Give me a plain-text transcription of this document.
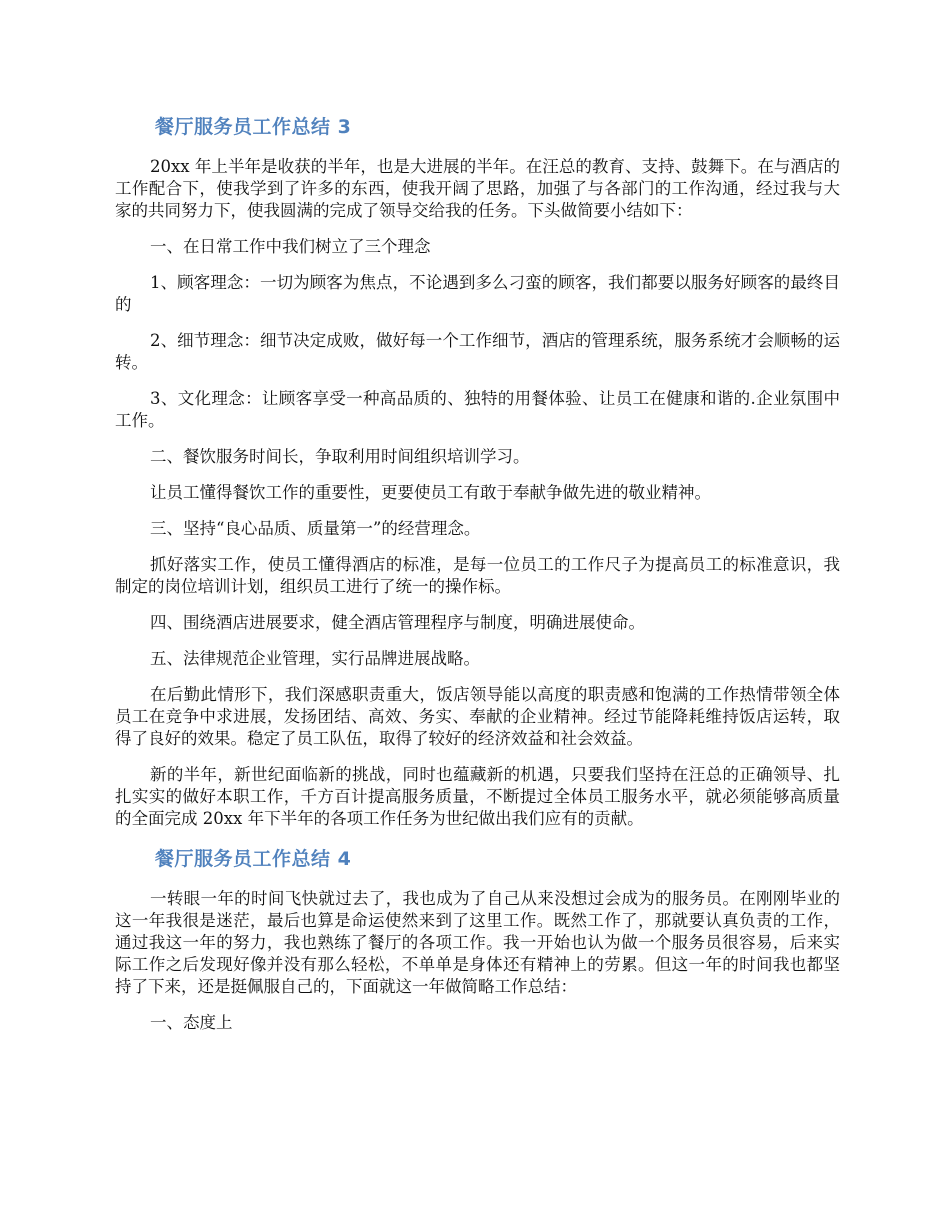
餐厅服务员工作总结 3

20xx 年上半年是收获的半年，也是大进展的半年。在汪总的教育、支持、鼓舞下。在与酒店的工作配合下，使我学到了许多的东西，使我开阔了思路，加强了与各部门的工作沟通，经过我与大家的共同努力下，使我圆满的完成了领导交给我的任务。下头做简要小结如下：

一、在日常工作中我们树立了三个理念

1、顾客理念：一切为顾客为焦点，不论遇到多么刁蛮的顾客，我们都要以服务好顾客的最终目的

2、细节理念：细节决定成败，做好每一个工作细节，酒店的管理系统，服务系统才会顺畅的运转。

3、文化理念：让顾客享受一种高品质的、独特的用餐体验、让员工在健康和谐的.企业氛围中工作。

二、餐饮服务时间长，争取利用时间组织培训学习。

让员工懂得餐饮工作的重要性，更要使员工有敢于奉献争做先进的敬业精神。

三、坚持“良心品质、质量第一”的经营理念。

抓好落实工作，使员工懂得酒店的标准，是每一位员工的工作尺子为提高员工的标准意识，我制定的岗位培训计划，组织员工进行了统一的操作标。

四、围绕酒店进展要求，健全酒店管理程序与制度，明确进展使命。

五、法律规范企业管理，实行品牌进展战略。

在后勤此情形下，我们深感职责重大，饭店领导能以高度的职责感和饱满的工作热情带领全体员工在竞争中求进展，发扬团结、高效、务实、奉献的企业精神。经过节能降耗维持饭店运转，取得了良好的效果。稳定了员工队伍，取得了较好的经济效益和社会效益。

新的半年，新世纪面临新的挑战，同时也蕴藏新的机遇，只要我们坚持在汪总的正确领导、扎扎实实的做好本职工作，千方百计提高服务质量，不断提过全体员工服务水平，就必须能够高质量的全面完成 20xx 年下半年的各项工作任务为世纪做出我们应有的贡献。

餐厅服务员工作总结 4

一转眼一年的时间飞快就过去了，我也成为了自己从来没想过会成为的服务员。在刚刚毕业的这一年我很是迷茫，最后也算是命运使然来到了这里工作。既然工作了，那就要认真负责的工作，通过我这一年的努力，我也熟练了餐厅的各项工作。我一开始也认为做一个服务员很容易，后来实际工作之后发现好像并没有那么轻松，不单单是身体还有精神上的劳累。但这一年的时间我也都坚持了下来，还是挺佩服自己的，下面就这一年做简略工作总结：

一、态度上
